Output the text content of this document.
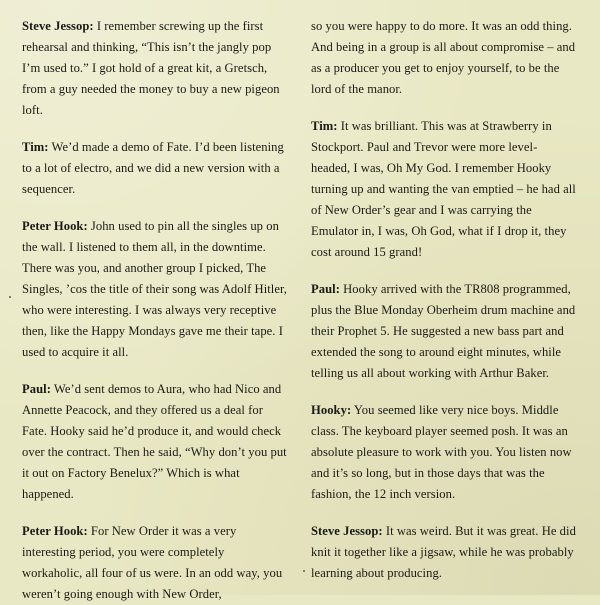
Steve Jessop: I remember screwing up the first rehearsal and thinking, “This isn’t the jangly pop I’m used to.” I got hold of a great kit, a Gretsch, from a guy needed the money to buy a new pigeon loft.

Tim: We’d made a demo of Fate. I’d been listening to a lot of electro, and we did a new version with a sequencer.

Peter Hook: John used to pin all the singles up on the wall. I listened to them all, in the downtime. There was you, and another group I picked, The Singles, ’cos the title of their song was Adolf Hitler, who were interesting. I was always very receptive then, like the Happy Mondays gave me their tape. I used to acquire it all.

Paul: We’d sent demos to Aura, who had Nico and Annette Peacock, and they offered us a deal for Fate. Hooky said he’d produce it, and would check over the contract. Then he said, “Why don’t you put it out on Factory Benelux?” Which is what happened.

Peter Hook: For New Order it was a very interesting period, you were completely workaholic, all four of us were. In an odd way, you weren’t going enough with New Order,

so you were happy to do more. It was an odd thing. And being in a group is all about compromise – and as a producer you get to enjoy yourself, to be the lord of the manor.

Tim: It was brilliant. This was at Strawberry in Stockport. Paul and Trevor were more level-headed, I was, Oh My God. I remember Hooky turning up and wanting the van emptied – he had all of New Order’s gear and I was carrying the Emulator in, I was, Oh God, what if I drop it, they cost around 15 grand!

Paul: Hooky arrived with the TR808 programmed, plus the Blue Monday Oberheim drum machine and their Prophet 5. He suggested a new bass part and extended the song to around eight minutes, while telling us all about working with Arthur Baker.

Hooky: You seemed like very nice boys. Middle class. The keyboard player seemed posh. It was an absolute pleasure to work with you. You listen now and it’s so long, but in those days that was the fashion, the 12 inch version.

Steve Jessop: It was weird. But it was great. He did knit it together like a jigsaw, while he was probably learning about producing.
